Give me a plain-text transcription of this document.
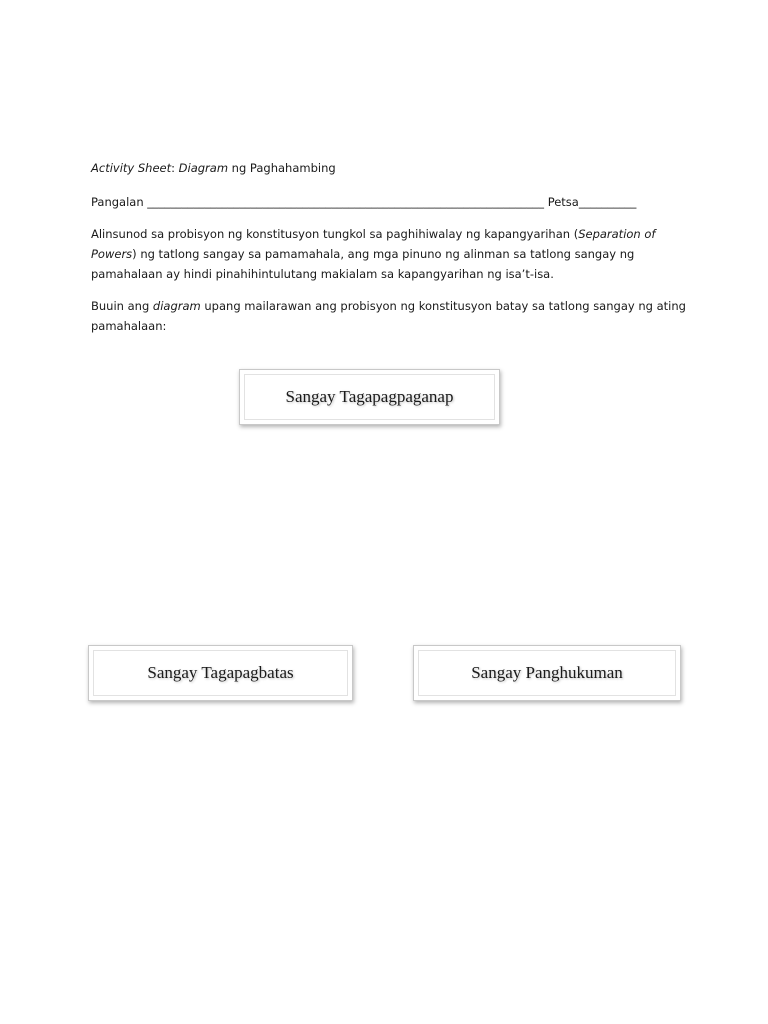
Activity Sheet: Diagram ng Paghahambing
Pangalan _____________________________________________________________________ Petsa__________
Alinsunod sa probisyon ng konstitusyon tungkol sa paghihiwalay ng kapangyarihan (Separation of
Powers) ng tatlong sangay sa pamamahala, ang mga pinuno ng alinman sa tatlong sangay ng
pamahalaan ay hindi pinahihintulutang makialam sa kapangyarihan ng isa’t-isa.
Buuin ang diagram upang mailarawan ang probisyon ng konstitusyon batay sa tatlong sangay ng ating
pamahalaan:
Sangay Tagapagpaganap
Sangay Tagapagbatas	Sangay Panghukuman
